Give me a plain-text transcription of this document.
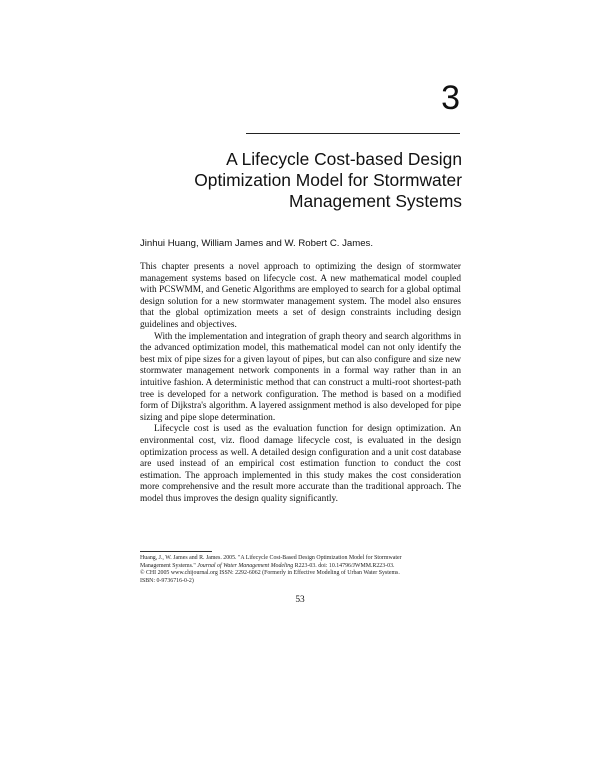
3
A Lifecycle Cost-based Design
Optimization Model for Stormwater
Management Systems
Jinhui Huang, William James and W. Robert C. James.

This chapter presents a novel approach to optimizing the design of stormwater management systems based on lifecycle cost. A new mathematical model coupled with PCSWMM, and Genetic Algorithms are employed to search for a global optimal design solution for a new stormwater management system. The model also ensures that the global optimization meets a set of design constraints including design guidelines and objectives.

With the implementation and integration of graph theory and search algorithms in the advanced optimization model, this mathematical model can not only identify the best mix of pipe sizes for a given layout of pipes, but can also configure and size new stormwater management network components in a formal way rather than in an intuitive fashion. A deterministic method that can construct a multi-root shortest-path tree is developed for a network configuration. The method is based on a modified form of Dijkstra's algorithm. A layered assignment method is also developed for pipe sizing and pipe slope determination.

Lifecycle cost is used as the evaluation function for design optimization. An environmental cost, viz. flood damage lifecycle cost, is evaluated in the design optimization process as well. A detailed design configuration and a unit cost database are used instead of an empirical cost estimation function to conduct the cost estimation. The approach implemented in this study makes the cost consideration more comprehensive and the result more accurate than the traditional approach. The model thus improves the design quality significantly.

Huang, J., W. James and R. James. 2005. "A Lifecycle Cost-Based Design Optimization Model for Stormwater
Management Systems." Journal of Water Management Modeling R223-03. doi: 10.14796/JWMM.R223-03.
© CHI 2005 www.chijournal.org ISSN: 2292-6062 (Formerly in Effective Modeling of Urban Water Systems.
ISBN: 0-9736716-0-2)
53
